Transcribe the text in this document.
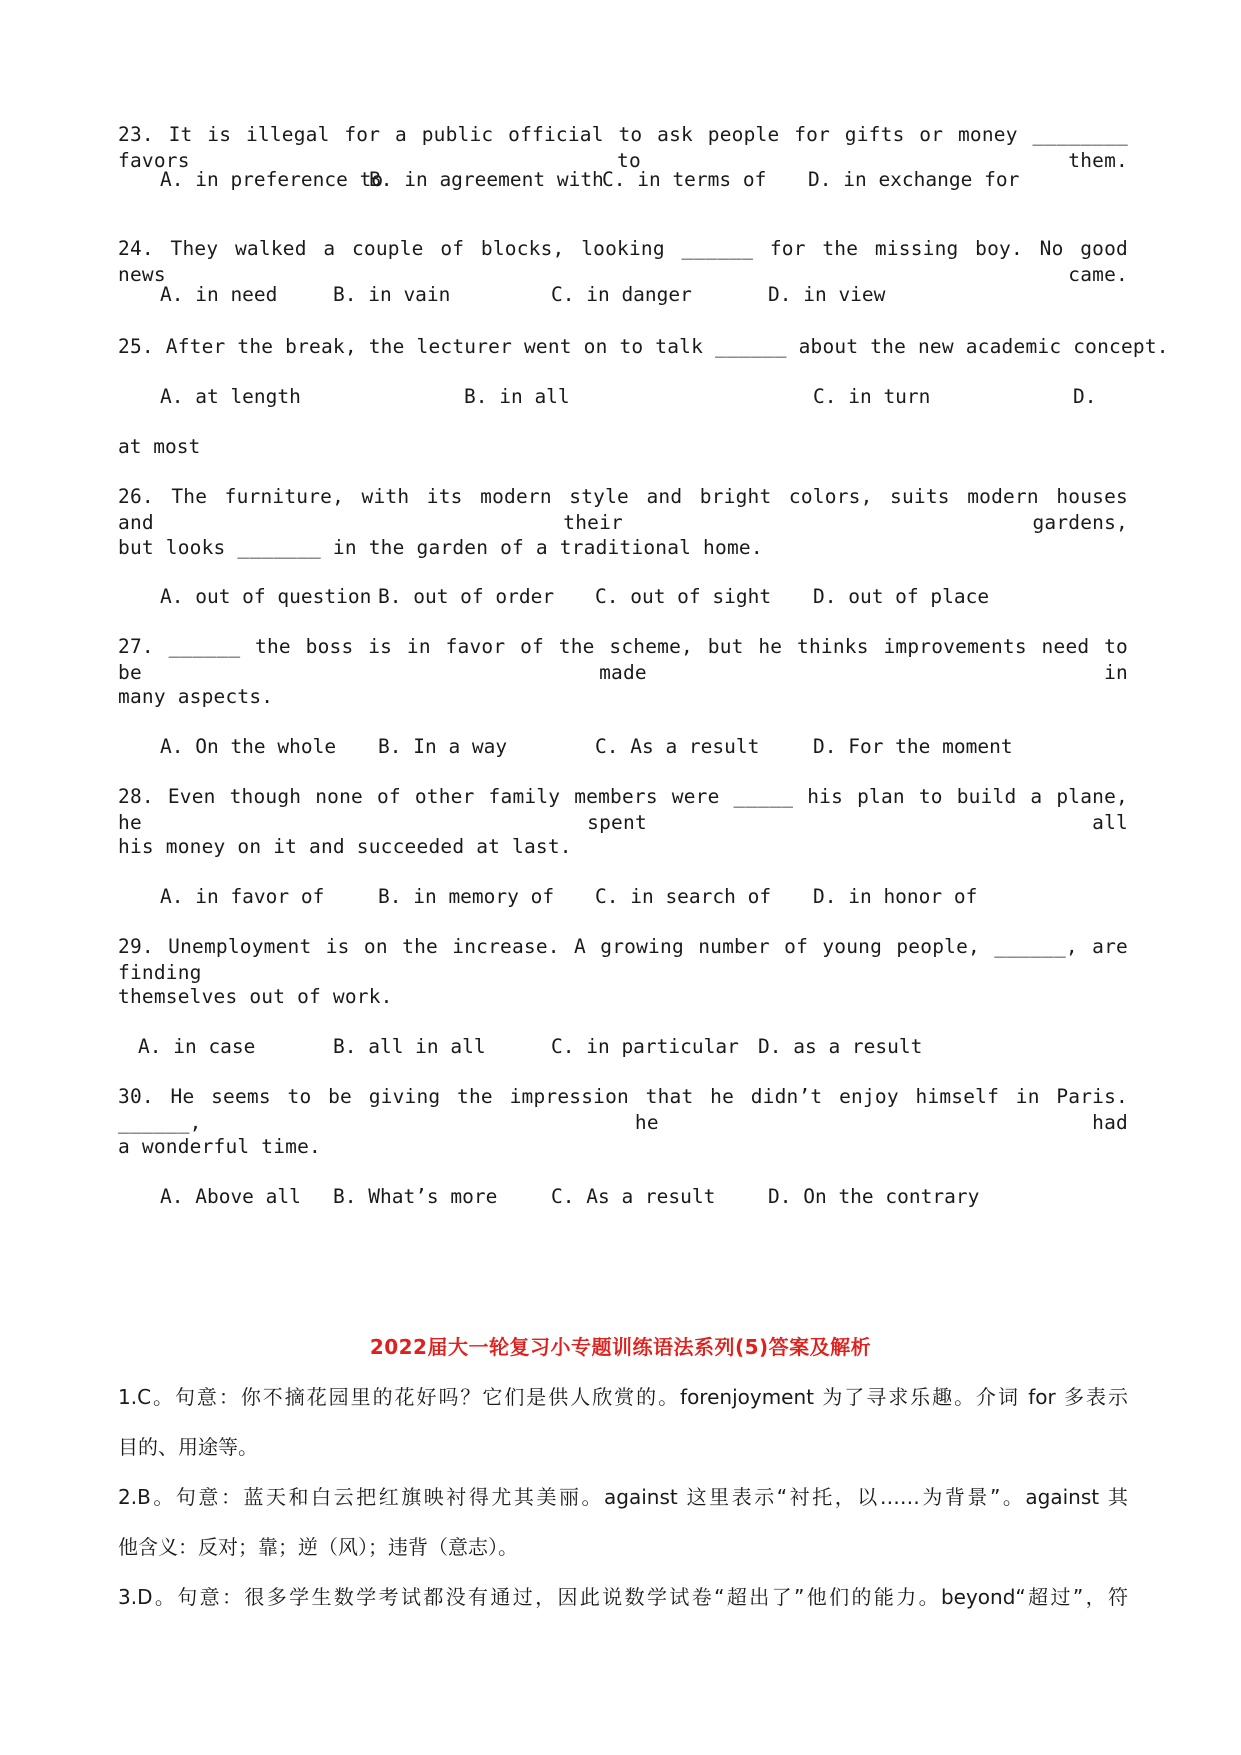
23. It is illegal for a public official to ask people for gifts or money ________ favors to them.
A. in preference to
B. in agreement with
C. in terms of D. in exchange for
24. They walked a couple of blocks, looking ______ for the missing boy. No good news came.
A. in need	B. in vain	C. in danger	D. in view
25. After the break, the lecturer went on to talk ______ about the new academic concept.
A. at length	B. in all	C. in turn	D.
at most
26. The furniture, with its modern style and bright colors, suits modern houses and their gardens,
but looks _______ in the garden of a traditional home.
A. out of question B. out of order C. out of sight D. out of place
27. ______ the boss is in favor of the scheme, but he thinks improvements need to be made in
many aspects.
A. On the whole B. In a way	C. As a result	D. For the moment
28. Even though none of other family members were _____ his plan to build a plane, he spent all
his money on it and succeeded at last.
A. in favor of	B. in memory of C. in search of D. in honor of
29. Unemployment is on the increase. A growing number of young people, ______, are finding
themselves out of work.
A. in case	B. all in all	C. in particular D. as a result
30. He seems to be giving the impression that he didn’t enjoy himself in Paris. ______, he had
a wonderful time.
A. Above all B. What’s more	C. As a result	D. On the contrary
2022届大一轮复习小专题训练语法系列(5)答案及解析
1.C。句意：你不摘花园里的花好吗？它们是供人欣赏的。forenjoyment 为了寻求乐趣。介词 for 多表示
目的、用途等。
2.B。句意：蓝天和白云把红旗映衬得尤其美丽。against 这里表示“衬托，以……为背景”。against 其
他含义：反对；靠；逆（风）；违背（意志）。
3.D。句意：很多学生数学考试都没有通过，因此说数学试卷“超出了”他们的能力。beyond“超过”，符
